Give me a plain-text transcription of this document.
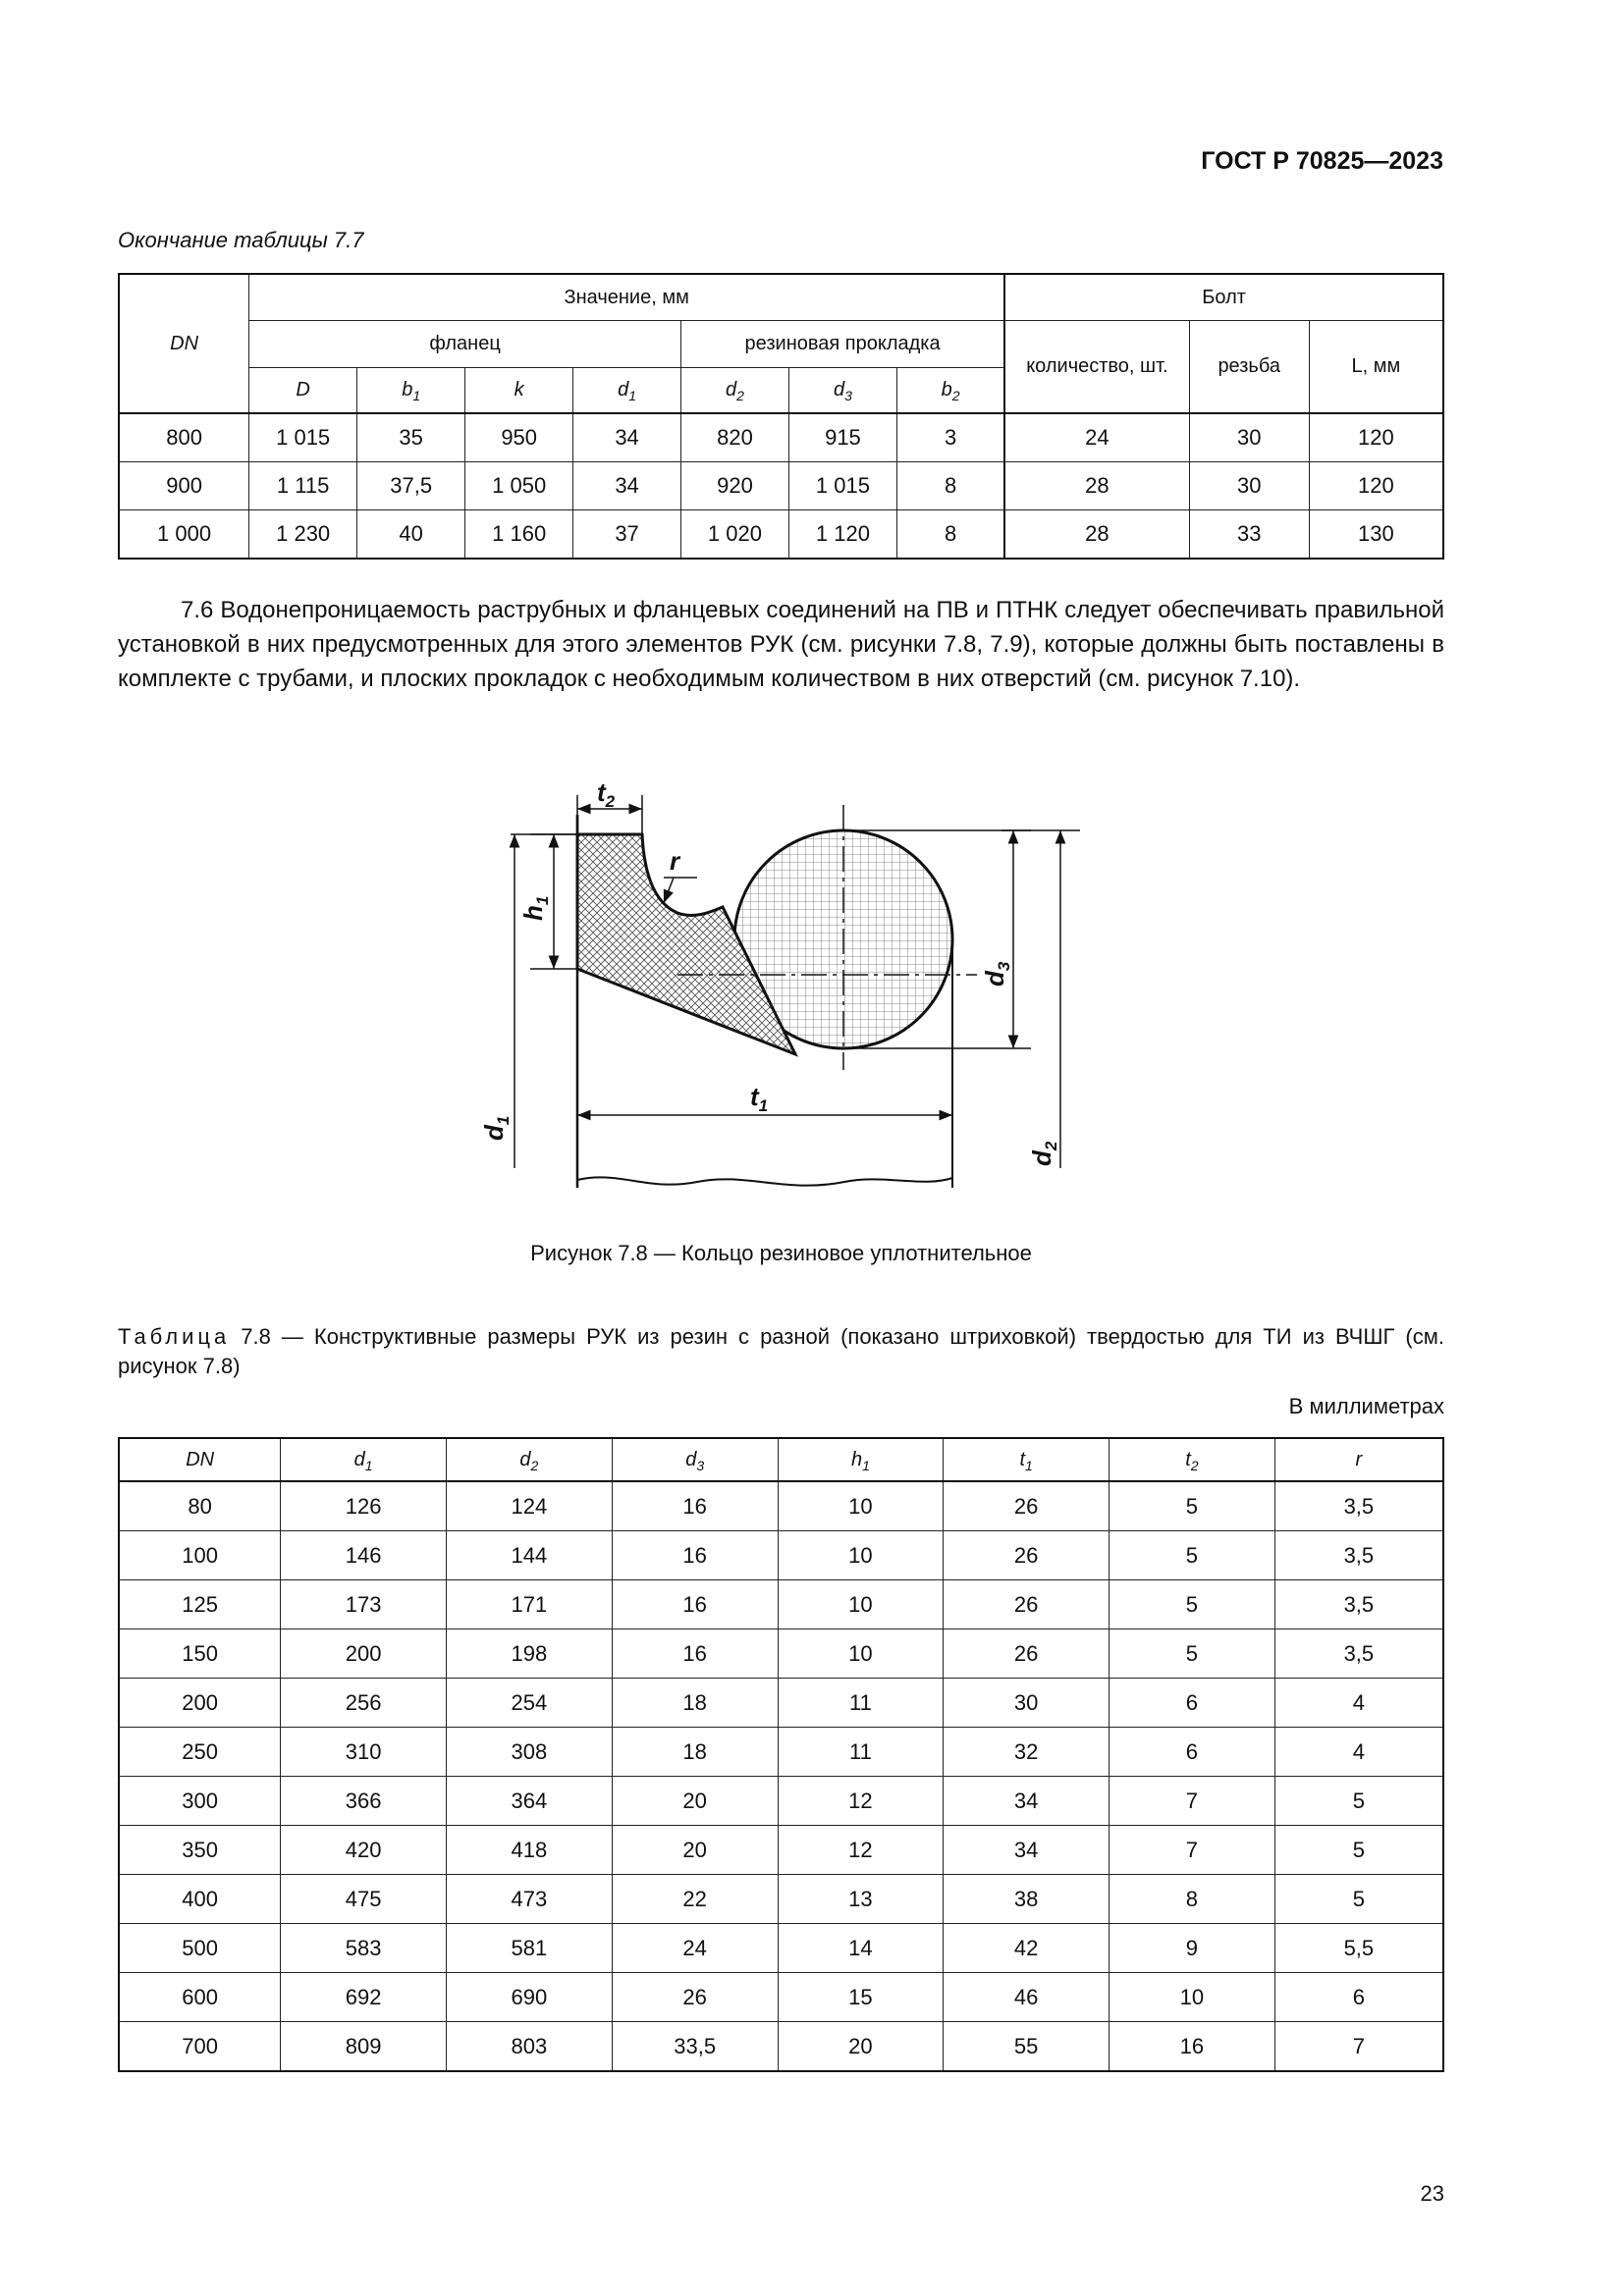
ГОСТ Р 70825—2023
Окончание таблицы 7.7
DN	Значение, мм							Болт		
	фланец				резиновая прокладка			количество, шт.	резьба	L, мм
	D	$b_1$	k	$d_1$	$d_2$	$d_3$	$b_2$
800	1 015	35	950	34	820	915	3	24	30	120
900	1 115	37,5	1 050	34	920	1 015	8	28	30	120
1 000	1 230	40	1 160	37	1 020	1 120	8	28	33	130
7.6 Водонепроницаемость раструбных и фланцевых соединений на ПВ и ПТНК следует обеспечивать правильной установкой в них предусмотренных для этого элементов РУК (см. рисунки 7.8, 7.9), которые должны быть поставлены в комплекте с трубами, и плоских прокладок с необходимым количеством в них отверстий (см. рисунок 7.10).
$t_2$
r
$h_1$
$d_1$
$t_1$
$d_3$
$d_2$
Рисунок 7.8 — Кольцо резиновое уплотнительное
Таблица 7.8 — Конструктивные размеры РУК из резин с разной (показано штриховкой) твердостью для ТИ из ВЧШГ (см. рисунок 7.8)
В миллиметрах
DN	$d_1$	$d_2$	$d_3$	$h_1$	$t_1$	$t_2$	r
80	126	124	16	10	26	5	3,5
100	146	144	16	10	26	5	3,5
125	173	171	16	10	26	5	3,5
150	200	198	16	10	26	5	3,5
200	256	254	18	11	30	6	4
250	310	308	18	11	32	6	4
300	366	364	20	12	34	7	5
350	420	418	20	12	34	7	5
400	475	473	22	13	38	8	5
500	583	581	24	14	42	9	5,5
600	692	690	26	15	46	10	6
700	809	803	33,5	20	55	16	7
23
